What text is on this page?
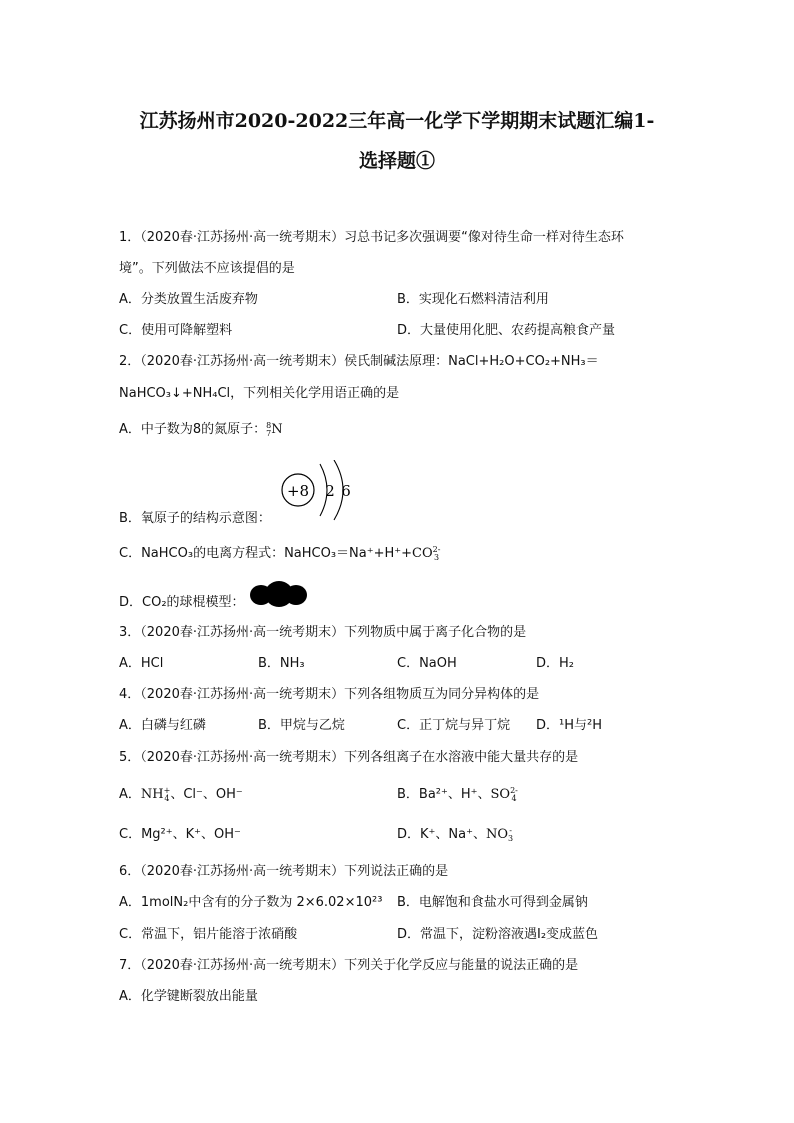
江苏扬州市2020-2022三年高一化学下学期期末试题汇编1-
选择题①
1．（2020春·江苏扬州·高一统考期末）习总书记多次强调要“像对待生命一样对待生态环
境”。下列做法不应该提倡的是
A．分类放置生活废弃物	B．实现化石燃料清洁利用
C．使用可降解塑料	D．大量使用化肥、农药提高粮食产量
2．（2020春·江苏扬州·高一统考期末）侯氏制碱法原理：NaCl+H₂O+CO₂+NH₃＝
NaHCO₃↓+NH₄Cl，下列相关化学用语正确的是
A．中子数为8的氮原子：8
7N
+8 2 6
B．氧原子的结构示意图：
C．NaHCO₃的电离方程式：NaHCO₃＝Na⁺+H⁺+CO2-
3
D．CO₂的球棍模型：
3．（2020春·江苏扬州·高一统考期末）下列物质中属于离子化合物的是
A．HCl	B．NH₃	C．NaOH	D．H₂
4．（2020春·江苏扬州·高一统考期末）下列各组物质互为同分异构体的是
A．白磷与红磷	B．甲烷与乙烷	C．正丁烷与异丁烷 D．¹H与²H
5．（2020春·江苏扬州·高一统考期末）下列各组离子在水溶液中能大量共存的是
A．NH+
4、Cl⁻、OH⁻	B．Ba²⁺、H⁺、SO2-
4
C．Mg²⁺、K⁺、OH⁻	D．K⁺、Na⁺、NO-
3
6．（2020春·江苏扬州·高一统考期末）下列说法正确的是
A．1molN₂中含有的分子数为 2×6.02×10²³ B．电解饱和食盐水可得到金属钠
C．常温下，铝片能溶于浓硝酸	D．常温下，淀粉溶液遇I₂变成蓝色
7．（2020春·江苏扬州·高一统考期末）下列关于化学反应与能量的说法正确的是
A．化学键断裂放出能量
